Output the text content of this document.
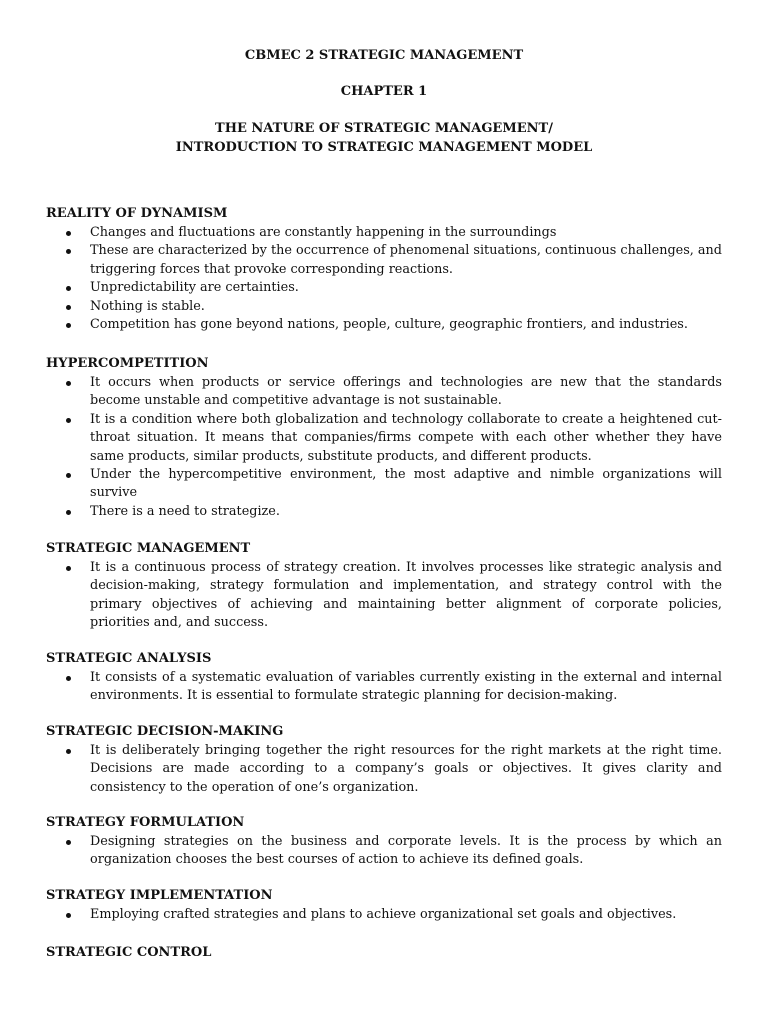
CBMEC 2 STRATEGIC MANAGEMENT
CHAPTER 1
THE NATURE OF STRATEGIC MANAGEMENT/
INTRODUCTION TO STRATEGIC MANAGEMENT MODEL
REALITY OF DYNAMISM
Changes and fluctuations are constantly happening in the surroundings
These are characterized by the occurrence of phenomenal situations, continuous challenges, and triggering forces that provoke corresponding reactions.
Unpredictability are certainties.
Nothing is stable.
Competition has gone beyond nations, people, culture, geographic frontiers, and industries.
HYPERCOMPETITION
It occurs when products or service offerings and technologies are new that the standards become unstable and competitive advantage is not sustainable.
It is a condition where both globalization and technology collaborate to create a heightened cut-throat situation. It means that companies/firms compete with each other whether they have same products, similar products, substitute products, and different products.
Under the hypercompetitive environment, the most adaptive and nimble organizations will survive
There is a need to strategize.
STRATEGIC MANAGEMENT
It is a continuous process of strategy creation. It involves processes like strategic analysis and decision-making, strategy formulation and implementation, and strategy control with the primary objectives of achieving and maintaining better alignment of corporate policies, priorities and, and success.
STRATEGIC ANALYSIS
It consists of a systematic evaluation of variables currently existing in the external and internal environments. It is essential to formulate strategic planning for decision-making.
STRATEGIC DECISION-MAKING
It is deliberately bringing together the right resources for the right markets at the right time. Decisions are made according to a company’s goals or objectives. It gives clarity and consistency to the operation of one’s organization.
STRATEGY FORMULATION
Designing strategies on the business and corporate levels. It is the process by which an organization chooses the best courses of action to achieve its defined goals.
STRATEGY IMPLEMENTATION
Employing crafted strategies and plans to achieve organizational set goals and objectives.
STRATEGIC CONTROL
